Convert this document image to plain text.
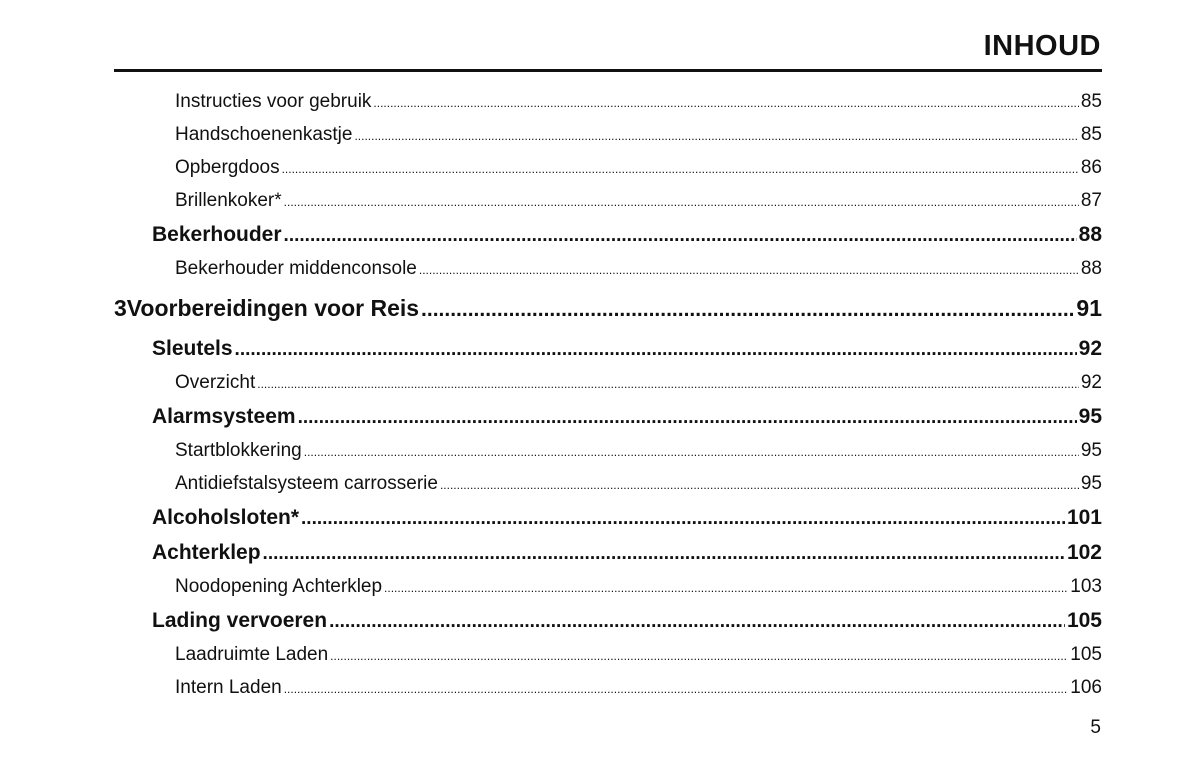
INHOUD
Instructies voor gebruik .....	85
Handschoenenkastje .....	85
Opbergdoos .....	86
Brillenkoker* .....	87
Bekerhouder .....	88
Bekerhouder middenconsole .....	88
3 Voorbereidingen voor Reis .....	91
Sleutels .....	92
Overzicht .....	92
Alarmsysteem .....	95
Startblokkering .....	95
Antidiefstalsysteem carrosserie .....	95
Alcoholsloten* .....	101
Achterklep .....	102
Noodopening Achterklep .....	103
Lading vervoeren .....	105
Laadruimte Laden .....	105
Intern Laden .....	106

5
